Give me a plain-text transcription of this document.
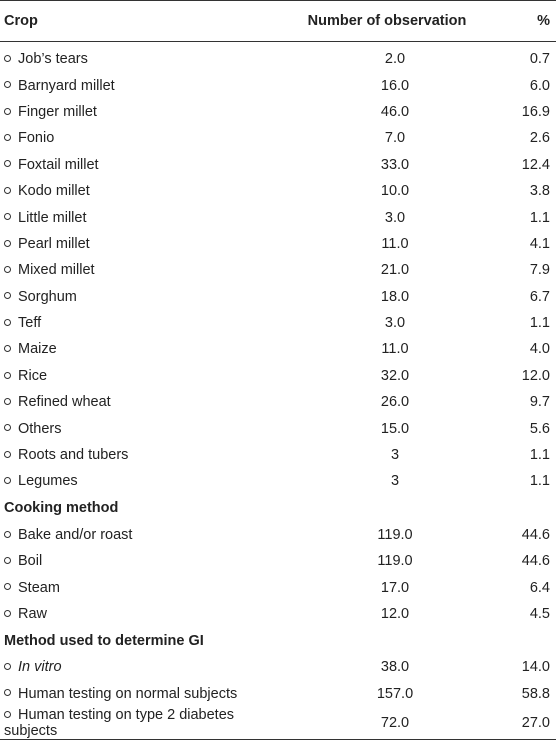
Crop	Number of observation	%

Job’s tears	2.0	0.7
Barnyard millet	16.0	6.0
Finger millet	46.0	16.9
Fonio	7.0	2.6
Foxtail millet	33.0	12.4
Kodo millet	10.0	3.8
Little millet	3.0	1.1
Pearl millet	11.0	4.1
Mixed millet	21.0	7.9
Sorghum	18.0	6.7
Teff	3.0	1.1
Maize	11.0	4.0
Rice	32.0	12.0
Refined wheat	26.0	9.7
Others	15.0	5.6
Roots and tubers	3	1.1
Legumes	3	1.1
Cooking method		
Bake and/or roast	119.0	44.6
Boil	119.0	44.6
Steam	17.0	6.4
Raw	12.0	4.5
Method used to determine GI		
In vitro	38.0	14.0
Human testing on normal subjects	157.0	58.8
Human testing on type 2 diabetes subjects	72.0	27.0
